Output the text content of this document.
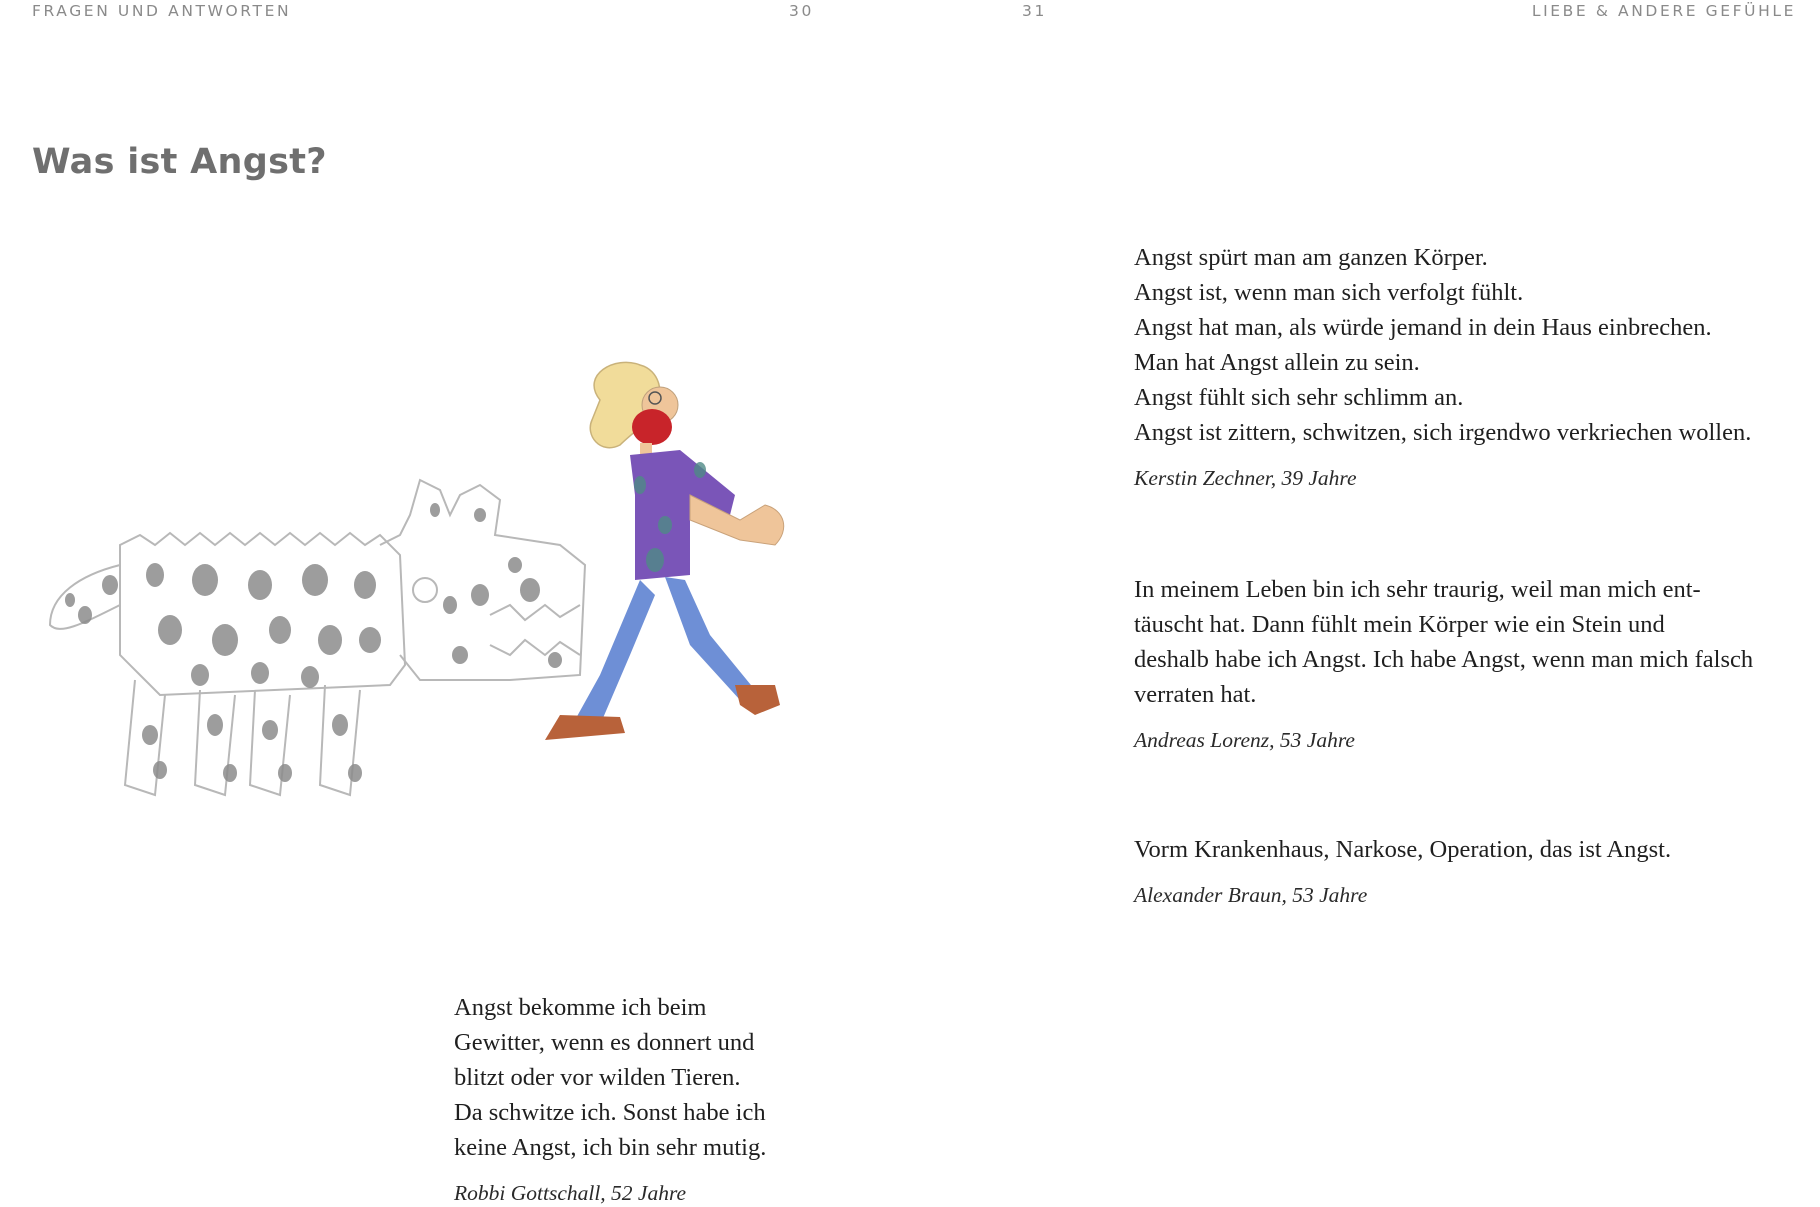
FRAGEN UND ANTWORTEN	30	31	LIEBE & ANDERE GEFÜHLE
Was ist Angst?

Angst spürt man am ganzen Körper.

Angst ist, wenn man sich verfolgt fühlt.

Angst hat man, als würde jemand in dein Haus einbrechen.

Man hat Angst allein zu sein.

Angst fühlt sich sehr schlimm an.

Angst ist zittern, schwitzen, sich irgendwo verkriechen wollen.

Kerstin Zechner, 39 Jahre

In meinem Leben bin ich sehr traurig, weil man mich ent-

täuscht hat. Dann fühlt mein Körper wie ein Stein und

deshalb habe ich Angst. Ich habe Angst, wenn man mich falsch

verraten hat.

Andreas Lorenz, 53 Jahre

Vorm Krankenhaus, Narkose, Operation, das ist Angst.

Alexander Braun, 53 Jahre

Angst bekomme ich beim

Gewitter, wenn es donnert und

blitzt oder vor wilden Tieren.

Da schwitze ich. Sonst habe ich

keine Angst, ich bin sehr mutig.

Robbi Gottschall, 52 Jahre
